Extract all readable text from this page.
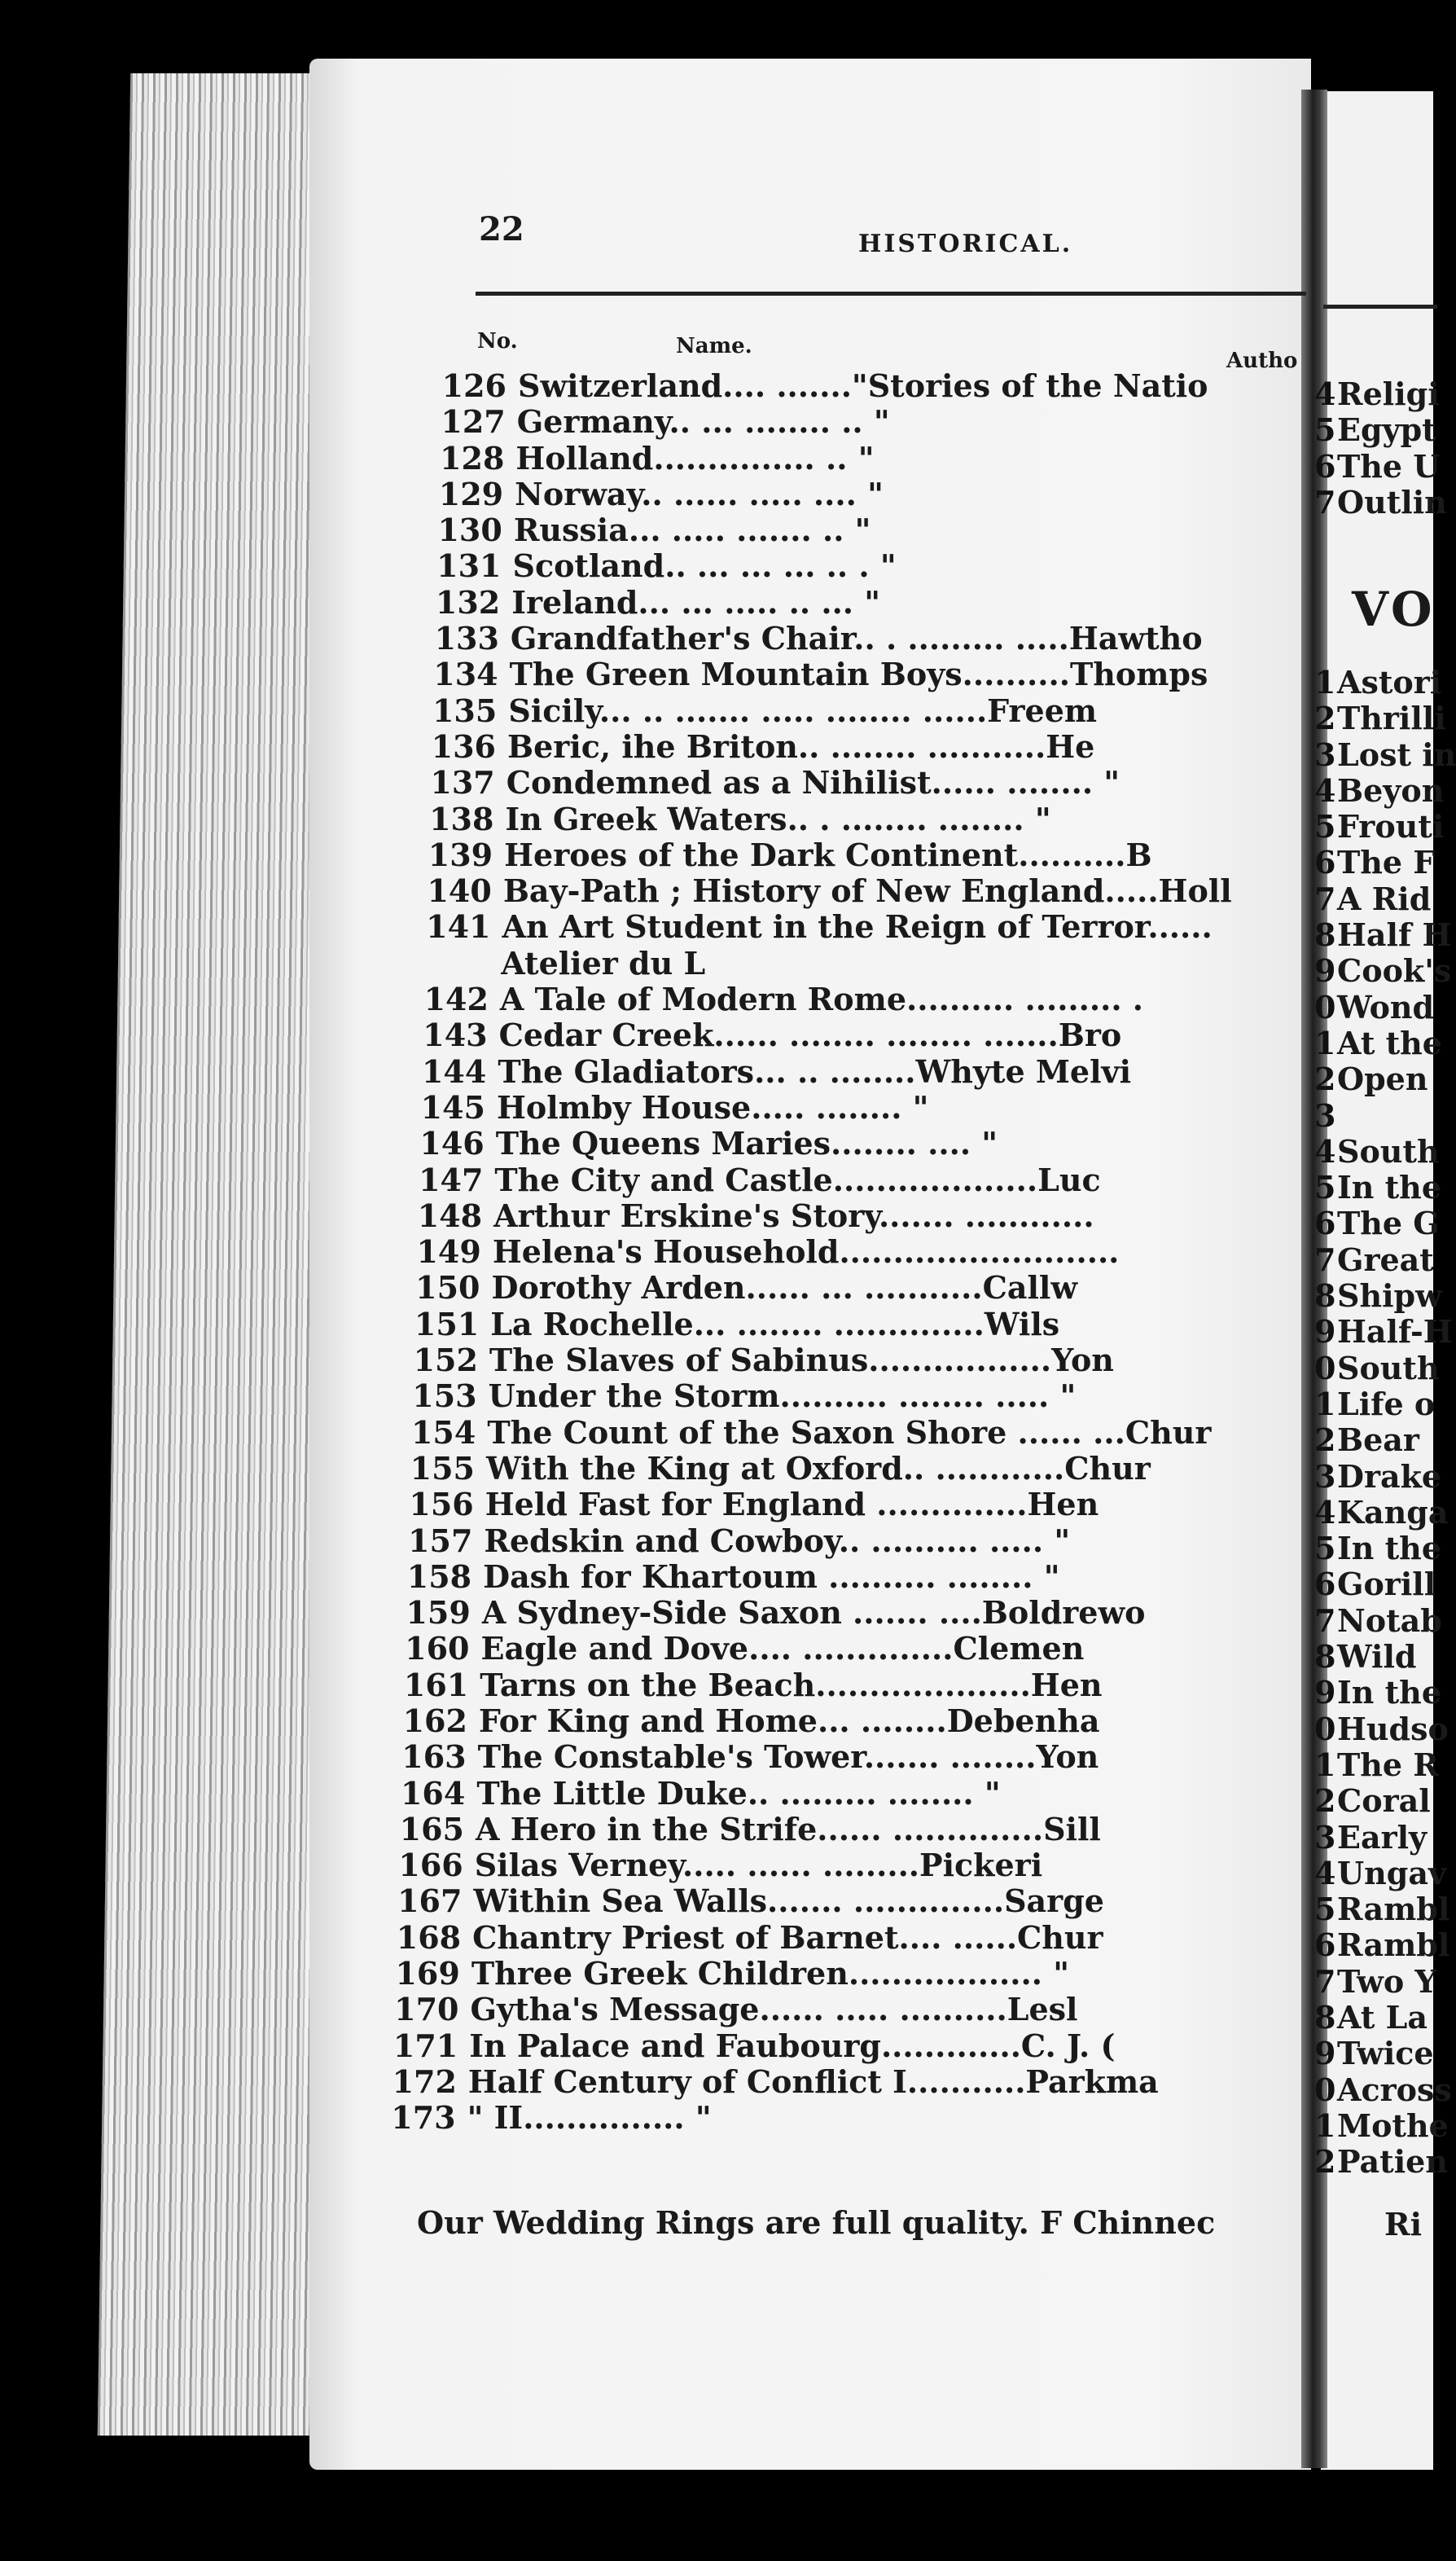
22	HISTORICAL.
No.	Name.
Autho
126 Switzerland.... ......."Stories of the Natio
127 Germany.. ... ........ .. "
128 Holland............... .. "
129 Norway.. ...... ..... .... "
130 Russia... ..... ....... .. "
131 Scotland.. ... ... ... .. . "
132 Ireland... ... ..... .. ... "
133 Grandfather's Chair.. . ......... .....Hawtho
134 The Green Mountain Boys..........Thomps
135 Sicily... .. ....... ..... ........ ......Freem
136 Beric, ihe Briton.. ........ ...........He
137 Condemned as a Nihilist...... ........ "
138 In Greek Waters.. . ........ ........ "
139 Heroes of the Dark Continent..........B
140 Bay-Path ; History of New England.....Holl
141 An Art Student in the Reign of Terror......
Atelier du L
142 A Tale of Modern Rome.......... ......... .
143 Cedar Creek...... ........ ........ .......Bro
144 The Gladiators... .. ........Whyte Melvi
145 Holmby House..... ........ "
146 The Queens Maries........ .... "
147 The City and Castle...................Luc
148 Arthur Erskine's Story....... ............
149 Helena's Household..........................
150 Dorothy Arden...... ... ...........Callw
151 La Rochelle... ........ ..............Wils
152 The Slaves of Sabinus.................Yon
153 Under the Storm.......... ........ ..... "
154 The Count of the Saxon Shore ...... ...Chur
155 With the King at Oxford.. ............Chur
156 Held Fast for England ..............Hen
157 Redskin and Cowboy.. .......... ..... "
158 Dash for Khartoum .......... ........ "
159 A Sydney-Side Saxon ....... ....Boldrewo
160 Eagle and Dove.... ..............Clemen
161 Tarns on the Beach....................Hen
162 For King and Home... ........Debenha
163 The Constable's Tower....... ........Yon
164 The Little Duke.. ......... ........ "
165 A Hero in the Strife...... ..............Sill
166 Silas Verney..... ...... .........Pickeri
167 Within Sea Walls....... ..............Sarge
168 Chantry Priest of Barnet.... ......Chur
169 Three Greek Children.................. "
170 Gytha's Message...... ..... ..........Lesl
171 In Palace and Faubourg.............C. J. (
172 Half Century of Conflict I...........Parkma
173 " II............... "
Our Wedding Rings are full quality. F Chinnec
4 Religi
5 Egypt
6 The U
7 Outlin
VO
1 Astori
2 Thrilli
3 Lost in
4 Beyon
5 Frouti
6 The F
7 A Rid
8 Half H
9 Cook's
0 Wond
1 At the
2 Open
3
4 South
5 In the
6 The G
7 Great
8 Shipw
9 Half-H
0 South
1 Life o
2 Bear
3 Drake
4 Kanga
5 In the
6 Gorill
7 Notab
8 Wild
9 In the
0 Hudso
1 The R
2 Coral
3 Early
4 Ungav
5 Rambl
6 Rambl
7 Two Y
8 At La
9 Twice
0 Across
1 Mothe
2 Patien
Ri
